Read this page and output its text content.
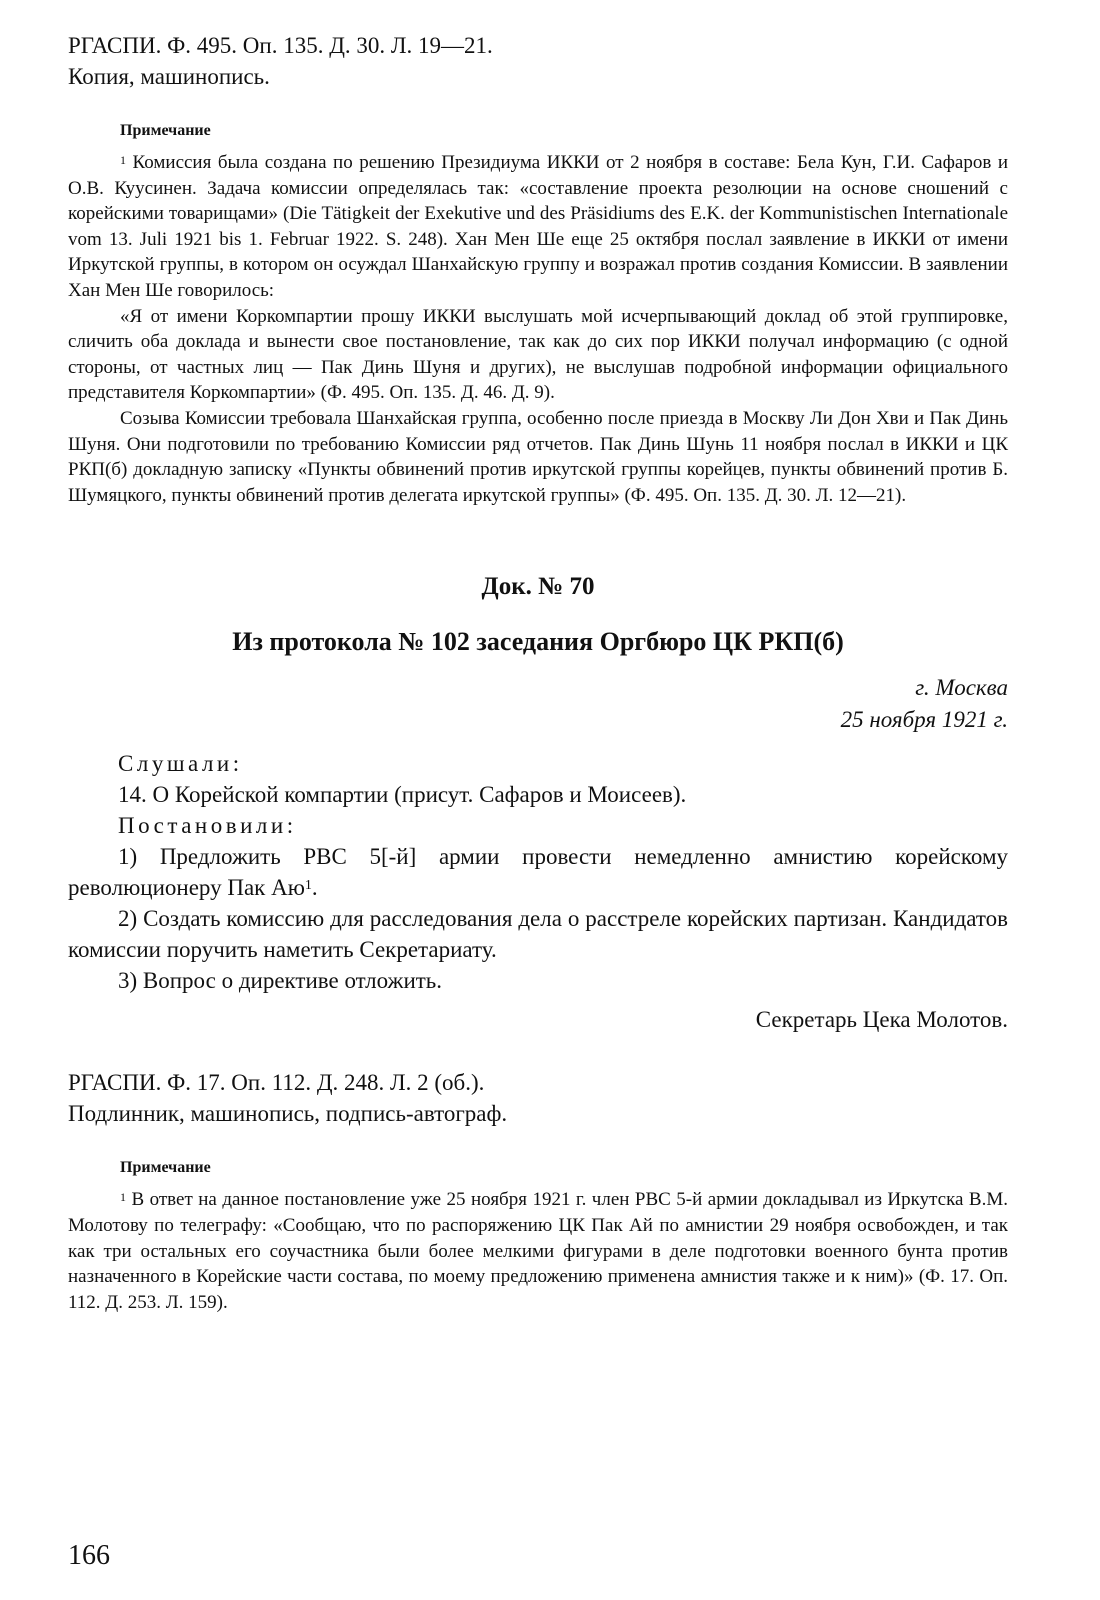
РГАСПИ. Ф. 495. Оп. 135. Д. 30. Л. 19—21.

Копия, машинопись.

Примечание

$^1$ Комиссия была создана по решению Президиума ИККИ от 2 ноября в составе: Бела Кун, Г.И. Сафаров и О.В. Куусинен. Задача комиссии определялась так: «составление проекта резолюции на основе сношений с корейскими товарищами» (Die Tätigkeit der Exekutive und des Präsidiums des E.K. der Kommunistischen Internationale vom 13. Juli 1921 bis 1. Februar 1922. S. 248). Хан Мен Ше еще 25 октября послал заявление в ИККИ от имени Иркутской группы, в котором он осуждал Шанхайскую группу и возражал против создания Комиссии. В заявлении Хан Мен Ше говорилось:

«Я от имени Коркомпартии прошу ИККИ выслушать мой исчерпывающий доклад об этой группировке, сличить оба доклада и вынести свое постановление, так как до сих пор ИККИ получал информацию (с одной стороны, от частных лиц — Пак Динь Шуня и других), не выслушав подробной информации официального представителя Коркомпартии» (Ф. 495. Оп. 135. Д. 46. Д. 9).

Созыва Комиссии требовала Шанхайская группа, особенно после приезда в Москву Ли Дон Хви и Пак Динь Шуня. Они подготовили по требованию Комиссии ряд отчетов. Пак Динь Шунь 11 ноября послал в ИККИ и ЦК РКП(б) докладную записку «Пункты обвинений против иркутской группы корейцев, пункты обвинений против Б. Шумяцкого, пункты обвинений против делегата иркутской группы» (Ф. 495. Оп. 135. Д. 30. Л. 12—21).

Док. № 70

Из протокола № 102 заседания Оргбюро ЦК РКП(б)

г. Москва

25 ноября 1921 г.

Слушали:

14. О Корейской компартии (присут. Сафаров и Моисеев).

Постановили:

1) Предложить РВС 5[-й] армии провести немедленно амнистию корейскому революционеру Пак $Аю^1$.

2) Создать комиссию для расследования дела о расстреле корейских партизан. Кандидатов комиссии поручить наметить Секретариату.

3) Вопрос о директиве отложить.

Секретарь Цека Молотов.

РГАСПИ. Ф. 17. Оп. 112. Д. 248. Л. 2 (об.).

Подлинник, машинопись, подпись-автограф.

Примечание

$^1$ В ответ на данное постановление уже 25 ноября 1921 г. член РВС 5-й армии докладывал из Иркутска В.М. Молотову по телеграфу: «Сообщаю, что по распоряжению ЦК Пак Ай по амнистии 29 ноября освобожден, и так как три остальных его соучастника были более мелкими фигурами в деле подготовки военного бунта против назначенного в Корейские части состава, по моему предложению применена амнистия также и к ним)» (Ф. 17. Оп. 112. Д. 253. Л. 159).

166
